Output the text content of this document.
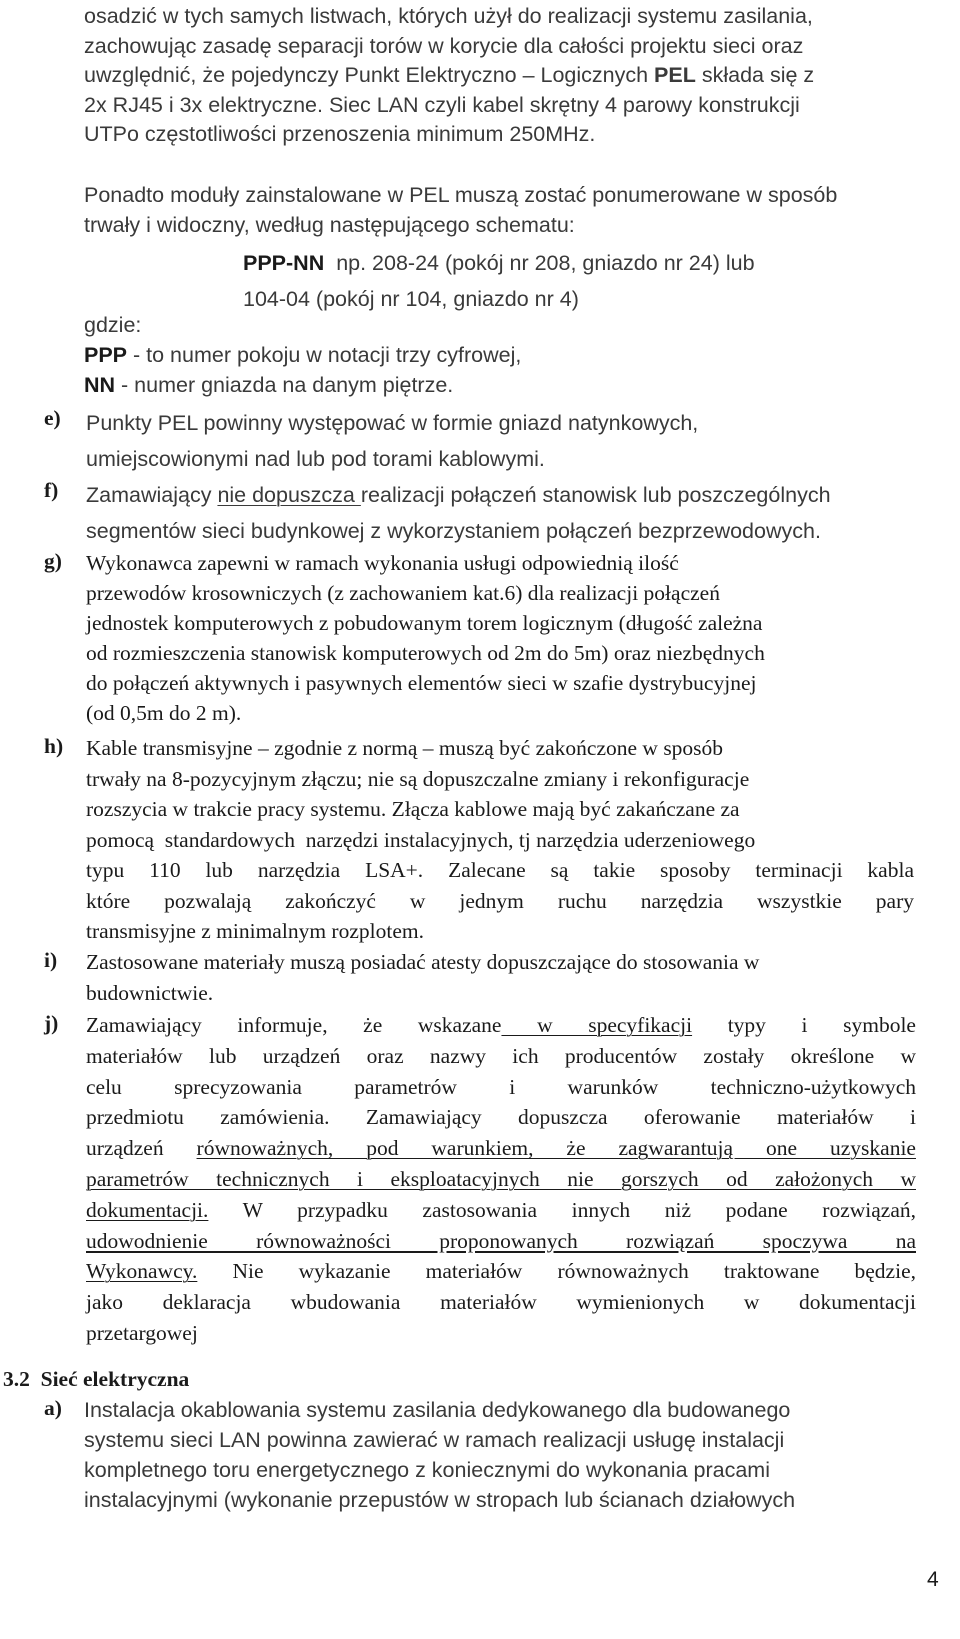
osadzić w tych samych listwach, których użył do realizacji systemu zasilania,

zachowując zasadę separacji torów w korycie dla całości projektu sieci oraz

uwzględnić, że pojedynczy Punkt Elektryczno – Logicznych PEL składa się z

2x RJ45 i 3x elektryczne. Siec LAN czyli kabel skrętny 4 parowy konstrukcji

UTPo częstotliwości przenoszenia minimum 250MHz.

Ponadto moduły zainstalowane w PEL muszą zostać ponumerowane w sposób

trwały i widoczny, według następującego schematu:

PPP-NN np. 208-24 (pokój nr 208, gniazdo nr 24) lub

104-04 (pokój nr 104, gniazdo nr 4)

gdzie:

PPP - to numer pokoju w notacji trzy cyfrowej,

NN - numer gniazda na danym piętrze.

e) Punkty PEL powinny występować w formie gniazd natynkowych,

umiejscowionymi nad lub pod torami kablowymi.

f) Zamawiający nie dopuszcza realizacji połączeń stanowisk lub poszczególnych

segmentów sieci budynkowej z wykorzystaniem połączeń bezprzewodowych.

g) Wykonawca zapewni w ramach wykonania usługi odpowiednią ilość

przewodów krosowniczych (z zachowaniem kat.6) dla realizacji połączeń

jednostek komputerowych z pobudowanym torem logicznym (długość zależna

od rozmieszczenia stanowisk komputerowych od 2m do 5m) oraz niezbędnych

do połączeń aktywnych i pasywnych elementów sieci w szafie dystrybucyjnej

(od 0,5m do 2 m).

h) Kable transmisyjne – zgodnie z normą – muszą być zakończone w sposób

trwały na 8-pozycyjnym złączu; nie są dopuszczalne zmiany i rekonfiguracje

rozszycia w trakcie pracy systemu. Złącza kablowe mają być zakańczane za

pomocą  standardowych  narzędzi instalacyjnych, tj narzędzia uderzeniowego

typu 110 lub narzędzia LSA+. Zalecane są takie sposoby terminacji kabla

które pozwalają zakończyć w jednym ruchu narzędzia wszystkie pary

transmisyjne z minimalnym rozplotem.

i) Zastosowane materiały muszą posiadać atesty dopuszczające do stosowania w

budownictwie.

j) Zamawiający informuje, że wskazane w specyfikacji typy i symbole

materiałów lub urządzeń oraz nazwy ich producentów zostały określone w

celu sprecyzowania parametrów i warunków techniczno-użytkowych

przedmiotu zamówienia. Zamawiający dopuszcza oferowanie materiałów i

urządzeń równoważnych, pod warunkiem, że zagwarantują one uzyskanie

parametrów technicznych i eksploatacyjnych nie gorszych od założonych w

dokumentacji. W przypadku zastosowania innych niż podane rozwiązań,

udowodnienie równoważności proponowanych rozwiązań spoczywa na

Wykonawcy. Nie wykazanie materiałów równoważnych traktowane będzie,

jako deklaracja wbudowania materiałów wymienionych w dokumentacji

przetargowej

3.2  Sieć elektryczna
a) Instalacja okablowania systemu zasilania dedykowanego dla budowanego

systemu sieci LAN powinna zawierać w ramach realizacji usługę instalacji

kompletnego toru energetycznego z koniecznymi do wykonania pracami

instalacyjnymi (wykonanie przepustów w stropach lub ścianach działowych

4
